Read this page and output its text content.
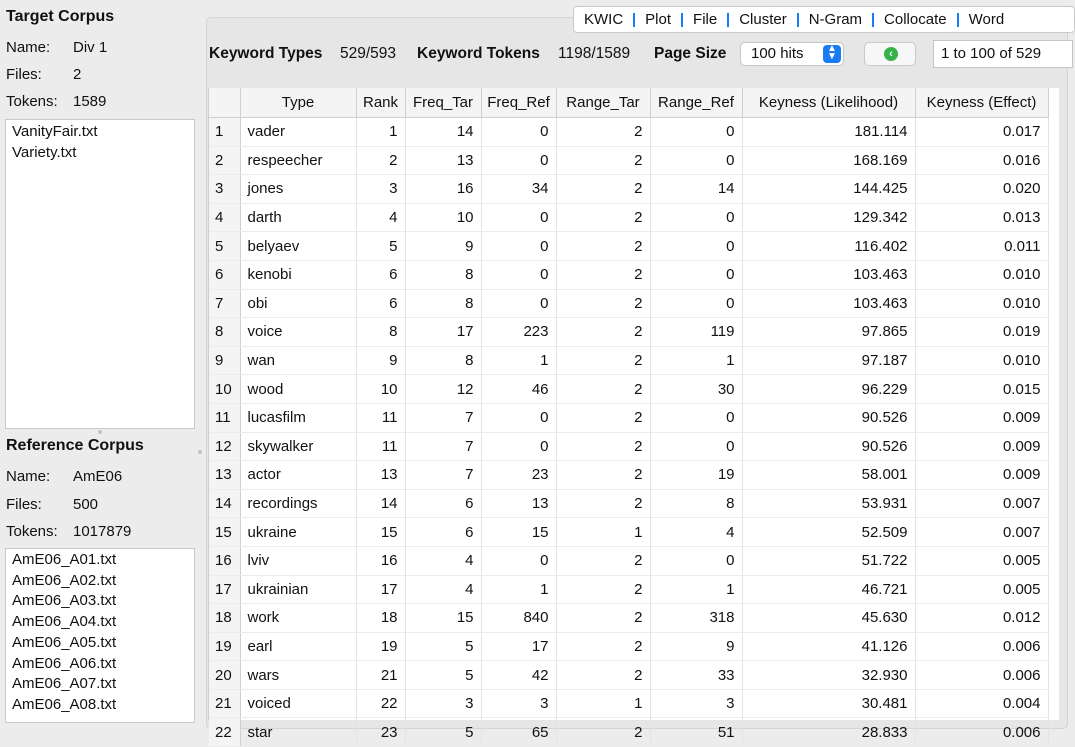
Target Corpus
Name: Div 1
Files: 2
Tokens: 1589
VanityFair.txt
Variety.txt
Reference Corpus
Name: AmE06
Files: 500
Tokens: 1017879
AmE06_A01.txt
AmE06_A02.txt
AmE06_A03.txt
AmE06_A04.txt
AmE06_A05.txt
AmE06_A06.txt
AmE06_A07.txt
AmE06_A08.txt
KWIC	Plot	File	Cluster	N-Gram	Collocate	Word
Keyword Types 529/593 Keyword Tokens 1198/1589 Page Size	100 hits	▲
▼	‹	1 to 100 of 529
	Type	Rank	Freq_Tar	Freq_Ref	Range_Tar	Range_Ref	Keyness (Likelihood)	Keyness (Effect)
1	vader	1	14	0	2	0	181.114	0.017
2	respeecher	2	13	0	2	0	168.169	0.016
3	jones	3	16	34	2	14	144.425	0.020
4	darth	4	10	0	2	0	129.342	0.013
5	belyaev	5	9	0	2	0	116.402	0.011
6	kenobi	6	8	0	2	0	103.463	0.010
7	obi	6	8	0	2	0	103.463	0.010
8	voice	8	17	223	2	119	97.865	0.019
9	wan	9	8	1	2	1	97.187	0.010
10	wood	10	12	46	2	30	96.229	0.015
11	lucasfilm	11	7	0	2	0	90.526	0.009
12	skywalker	11	7	0	2	0	90.526	0.009
13	actor	13	7	23	2	19	58.001	0.009
14	recordings	14	6	13	2	8	53.931	0.007
15	ukraine	15	6	15	1	4	52.509	0.007
16	lviv	16	4	0	2	0	51.722	0.005
17	ukrainian	17	4	1	2	1	46.721	0.005
18	work	18	15	840	2	318	45.630	0.012
19	earl	19	5	17	2	9	41.126	0.006
20	wars	21	5	42	2	33	32.930	0.006
21	voiced	22	3	3	1	3	30.481	0.004
22	star	23	5	65	2	51	28.833	0.006
